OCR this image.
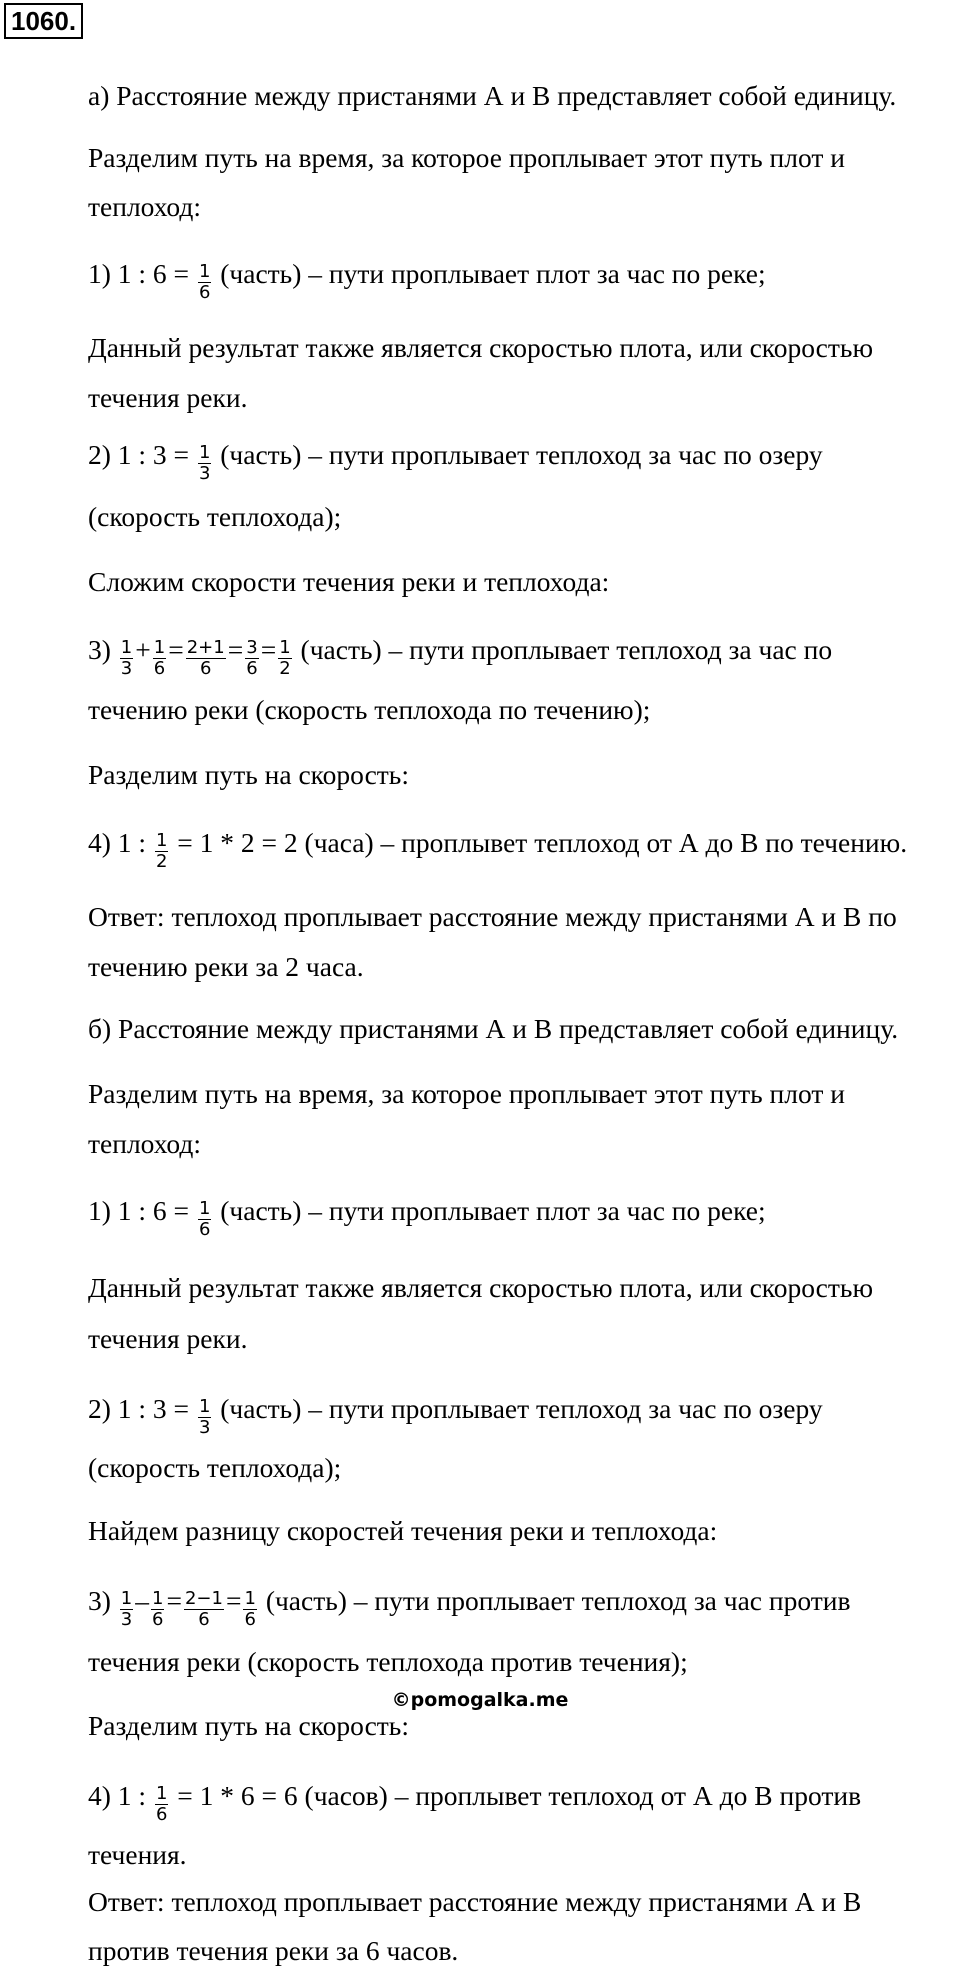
1060.
а) Расстояние между пристанями А и В представляет собой единицу.
Разделим путь на время, за которое проплывает этот путь плот и
теплоход:
1) 1 : $6 = \frac{1}{6}$ (часть) – пути проплывает плот за час по реке;
Данный результат также является скоростью плота, или скоростью
течения реки.
2) 1 : $3 = \frac{1}{3}$ (часть) – пути проплывает теплоход за час по озеру
(скорость теплохода);
Сложим скорости течения реки и теплохода:
$3) \frac{1}{3} + \frac{1}{6} = \frac{2+1}{6} = \frac{3}{6} = \frac{1}{2}$ (часть) – пути проплывает теплоход за час по
течению реки (скорость теплохода по течению);
Разделим путь на скорость:
4) 1 : $\frac{1}{2} = 1 * 2 = 2$ (часа) – проплывет теплоход от А до В по течению.
Ответ: теплоход проплывает расстояние между пристанями А и В по
течению реки за 2 часа.
б) Расстояние между пристанями А и В представляет собой единицу.
Разделим путь на время, за которое проплывает этот путь плот и
теплоход:
1) 1 : $6 = \frac{1}{6}$ (часть) – пути проплывает плот за час по реке;
Данный результат также является скоростью плота, или скоростью
течения реки.
2) 1 : $3 = \frac{1}{3}$ (часть) – пути проплывает теплоход за час по озеру
(скорость теплохода);
Найдем разницу скоростей течения реки и теплохода:
$3) \frac{1}{3} - \frac{1}{6} = \frac{2-1}{6} = \frac{1}{6}$ (часть) – пути проплывает теплоход за час против
течения реки (скорость теплохода против течения);
©pomogalka.me
Разделим путь на скорость:
4) 1 : $\frac{1}{6} = 1 * 6 = 6$ (часов) – проплывет теплоход от А до В против
течения.
Ответ: теплоход проплывает расстояние между пристанями А и В
против течения реки за 6 часов.
